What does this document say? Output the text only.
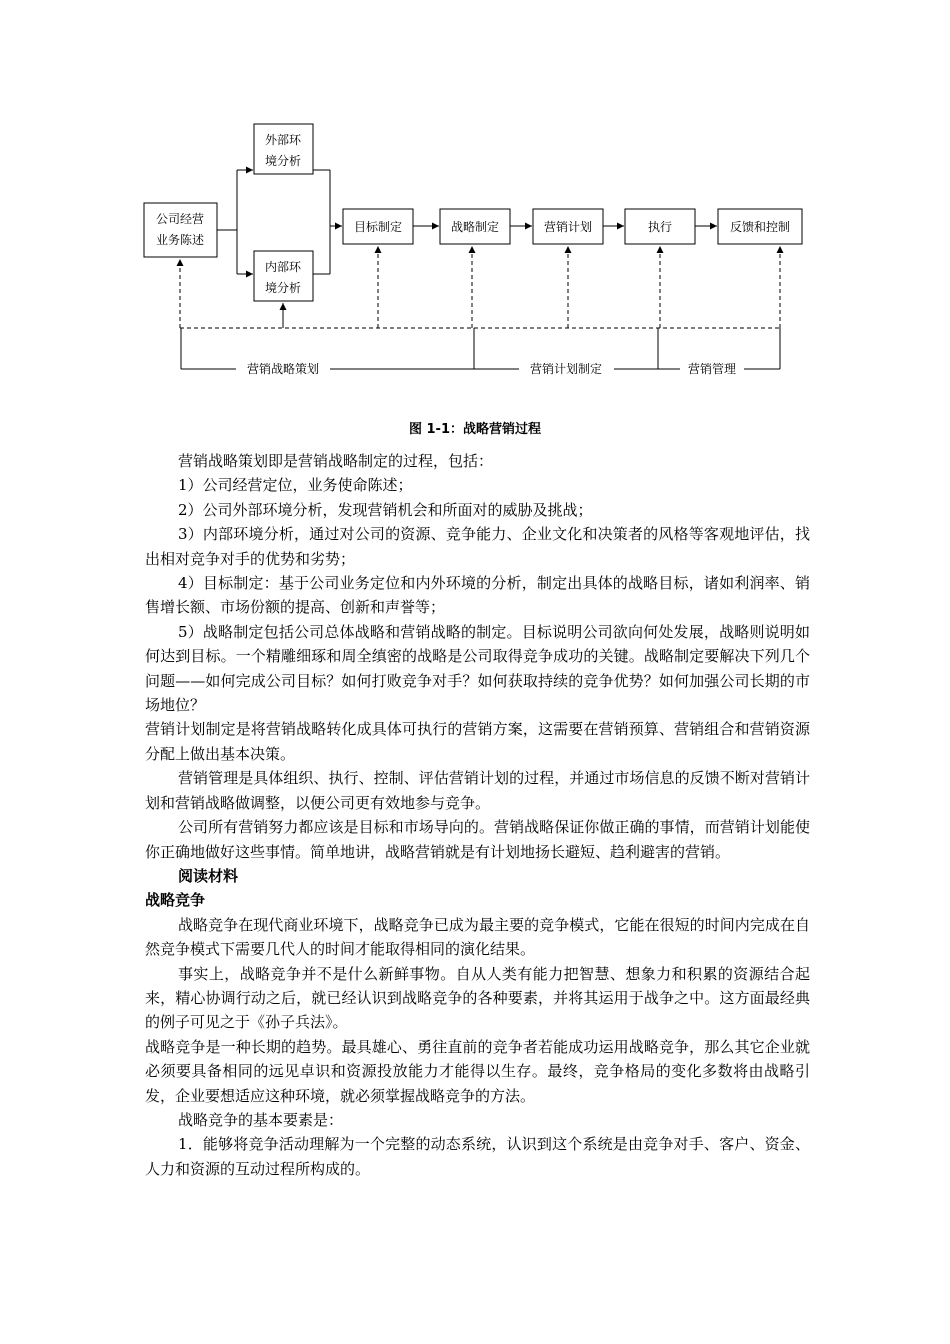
公司经营
业务陈述
外部环
境分析
内部环
境分析
目标制定	战略制定	营销计划	执行	反馈和控制
营销战略策划	营销计划制定	营销管理
图 1-1：战略营销过程

营销战略策划即是营销战略制定的过程，包括：

1）公司经营定位，业务使命陈述；

2）公司外部环境分析，发现营销机会和所面对的威胁及挑战；

3）内部环境分析，通过对公司的资源、竞争能力、企业文化和决策者的风格等客观地评估，找出相对竞争对手的优势和劣势；

4）目标制定：基于公司业务定位和内外环境的分析，制定出具体的战略目标，诸如利润率、销售增长额、市场份额的提高、创新和声誉等；

5）战略制定包括公司总体战略和营销战略的制定。目标说明公司欲向何处发展，战略则说明如何达到目标。一个精雕细琢和周全缜密的战略是公司取得竞争成功的关键。战略制定要解决下列几个问题——如何完成公司目标？如何打败竞争对手？如何获取持续的竞争优势？如何加强公司长期的市场地位？

营销计划制定是将营销战略转化成具体可执行的营销方案，这需要在营销预算、营销组合和营销资源分配上做出基本决策。

营销管理是具体组织、执行、控制、评估营销计划的过程，并通过市场信息的反馈不断对营销计划和营销战略做调整，以便公司更有效地参与竞争。

公司所有营销努力都应该是目标和市场导向的。营销战略保证你做正确的事情，而营销计划能使你正确地做好这些事情。简单地讲，战略营销就是有计划地扬长避短、趋利避害的营销。

阅读材料

战略竞争

战略竞争在现代商业环境下，战略竞争已成为最主要的竞争模式，它能在很短的时间内完成在自然竞争模式下需要几代人的时间才能取得相同的演化结果。

事实上，战略竞争并不是什么新鲜事物。自从人类有能力把智慧、想象力和积累的资源结合起来，精心协调行动之后，就已经认识到战略竞争的各种要素，并将其运用于战争之中。这方面最经典的例子可见之于《孙子兵法》。

战略竞争是一种长期的趋势。最具雄心、勇往直前的竞争者若能成功运用战略竞争，那么其它企业就必须要具备相同的远见卓识和资源投放能力才能得以生存。最终，竞争格局的变化多数将由战略引发，企业要想适应这种环境，就必须掌握战略竞争的方法。

战略竞争的基本要素是：

1．能够将竞争活动理解为一个完整的动态系统，认识到这个系统是由竞争对手、客户、资金、人力和资源的互动过程所构成的。
